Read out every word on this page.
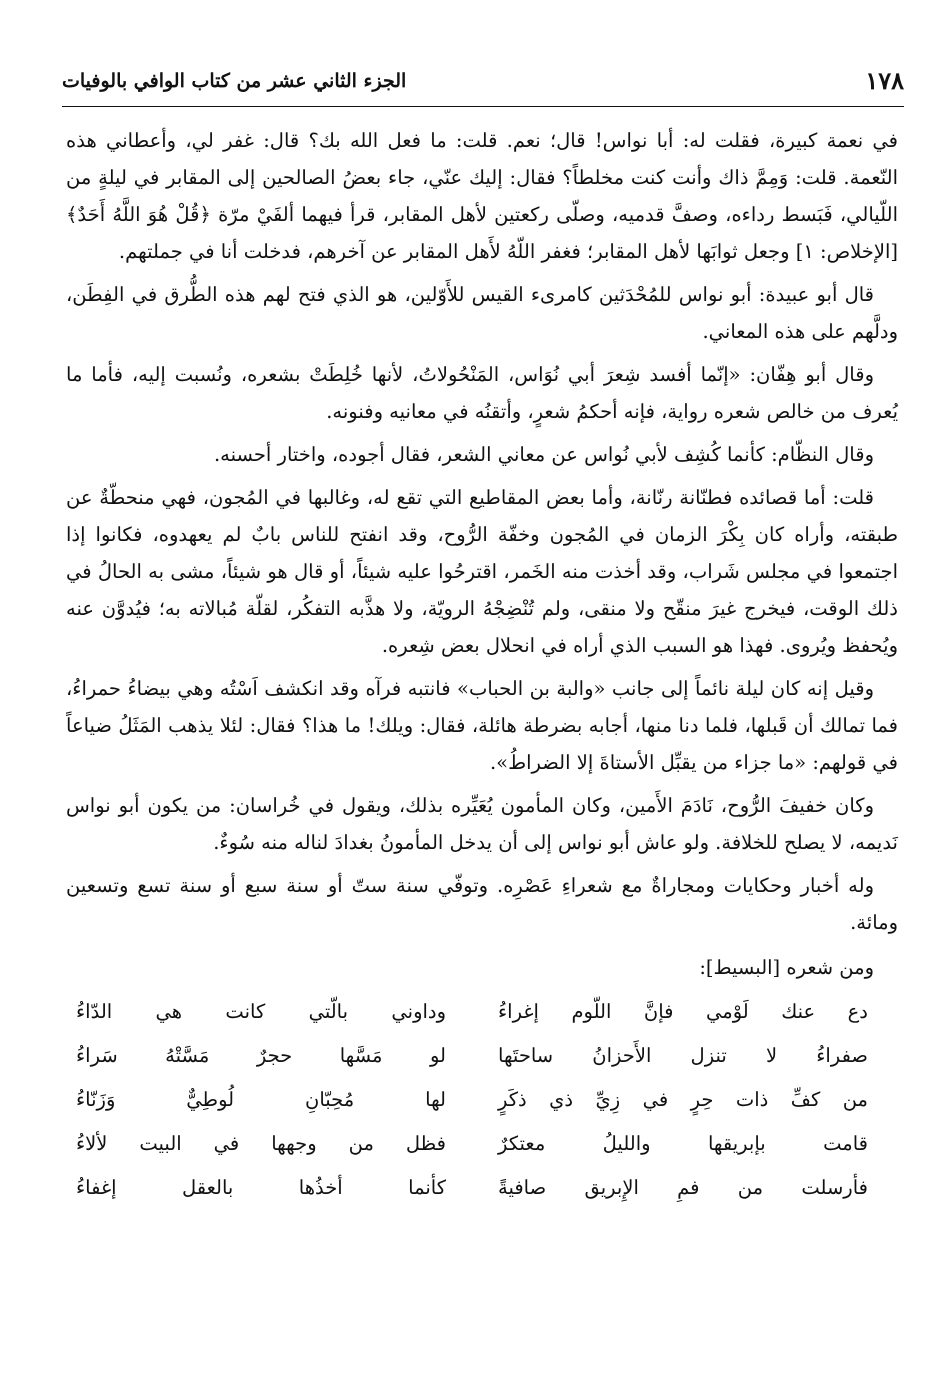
١٧٨
الجزء الثاني عشر من كتاب الوافي بالوفيات

في نعمة كبيرة، فقلت له: أبا نواس! قال؛ نعم. قلت: ما فعل الله بك؟ قال: غفر لي، وأعطاني هذه النّعمة. قلت: وَمِمَّ ذاك وأنت كنت مخلطاً؟ فقال: إليك عنّي، جاء بعضُ الصالحين إلى المقابر في ليلةٍ من اللّيالي، فَبَسط رداءه، وصفَّ قدميه، وصلّى ركعتين لأهل المقابر، قرأ فيهما ألفَيْ مرّة ﴿قُلْ هُوَ اللَّهُ أَحَدٌ﴾ [الإخلاص: ١] وجعل ثوابَها لأهل المقابر؛ فغفر اللّهُ لأَهل المقابر عن آخرهم، فدخلت أنا في جملتهم.

قال أبو عبيدة: أبو نواس للمُحْدَثين كامرىء القيس للأَوّلين، هو الذي فتح لهم هذه الطُّرق في الفِطَن، ودلَّهم على هذه المعاني.

وقال أبو هِفّان: «إنّما أفسد شِعرَ أبي نُوَاس، المَنْحُولاتُ، لأنها خُلِطَتْ بشعره، ونُسبت إليه، فأما ما يُعرف من خالص شعره رواية، فإنه أحكمُ شعرٍ، وأتقنُه في معانيه وفنونه.

وقال النظّام: كأنما كُشِف لأبي نُواس عن معاني الشعر، فقال أجوده، واختار أحسنه.

قلت: أما قصائده فطنّانة رنّانة، وأما بعض المقاطيع التي تقع له، وغالبها في المُجون، فهي منحطّةٌ عن طبقته، وأراه كان بِكْرَ الزمان في المُجون وخفّة الرُّوح، وقد انفتح للناس بابٌ لم يعهدوه، فكانوا إذا اجتمعوا في مجلس شَراب، وقد أخذت منه الخَمر، اقترحُوا عليه شيئاً، أو قال هو شيئاً، مشى به الحالُ في ذلك الوقت، فيخرج غيرَ منقّح ولا منقى، ولم تُنْضِجْهُ الرويّة، ولا هذَّبه التفكُر، لقلّة مُبالاته به؛ فيُدوَّن عنه ويُحفظ ويُروى. فهذا هو السبب الذي أراه في انحلال بعض شِعره.

وقيل إنه كان ليلة نائماً إلى جانب «والبة بن الحباب» فانتبه فرآه وقد انكشف اَسْتُه وهي بيضاءُ حمراءُ، فما تمالك أن قَبلها، فلما دنا منها، أجابه بضرطة هائلة، فقال: ويلك! ما هذا؟ فقال: لئلا يذهب المَثَلُ ضياعاً في قولهم: «ما جزاء من يقبِّل الأستاةَ إلا الضراطُ».

وكان خفيفَ الرُّوح، نَادَمَ الأَمين، وكان المأمون يُعَيِّره بذلك، ويقول في خُراسان: من يكون أبو نواس نَديمه، لا يصلح للخلافة. ولو عاش أبو نواس إلى أن يدخل المأمونُ بغدادَ لناله منه سُوءٌ.

وله أخبار وحكايات ومجاراةٌ مع شعراءِ عَصْرِه. وتوفّي سنة ستّ أو سنة سبع أو سنة تسع وتسعين ومائة.

ومن شعره [البسيط]:

دع عنك لَوْمي فإنَّ اللّوم إغراءُ
وداوني بالّتي كانت هي الدّاءُ
صفراءُ لا تنزل الأَحزانُ ساحتَها
لو مَسَّها حجرٌ مَسَّتْهُ سَراءُ
من كفِّ ذات حِرٍ في زِيِّ ذي ذكَرٍ
لها مُحِبّانِ لُوطِيٌّ وَزَنّاءُ
قامت بإبريقها والليلُ معتكرٌ
فظل من وجهها في البيت لألاءُ
فأرسلت من فمِ الإِبريق صافيةً
كأنما أخذُها بالعقل إغفاءُ
